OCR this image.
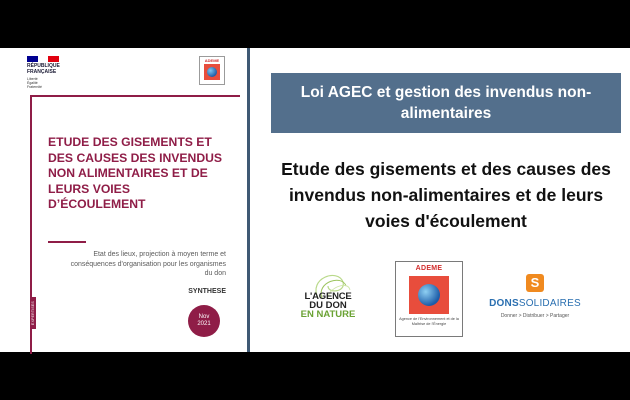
RÉPUBLIQUE
FRANÇAISE
Liberté
Égalité
Fraternité
ADEME
ETUDE DES GISEMENTS ET DES CAUSES DES INVENDUS NON ALIMENTAIRES ET DE LEURS VOIES D’ÉCOULEMENT
Etat des lieux, projection à moyen terme et conséquences d'organisation pour les organismes du don
SYNTHESE
EXPERTISES	Nov
2021
Loi AGEC et gestion des invendus non-alimentaires
Etude des gisements et des causes des invendus non-alimentaires et de leurs voies d'écoulement
L'AGENCE
DU DON
EN NATURE
ADEME
Agence de l'Environnement et de la Maîtrise de l'Énergie
S
DONSSOLIDAIRES
Donner > Distribuer > Partager
